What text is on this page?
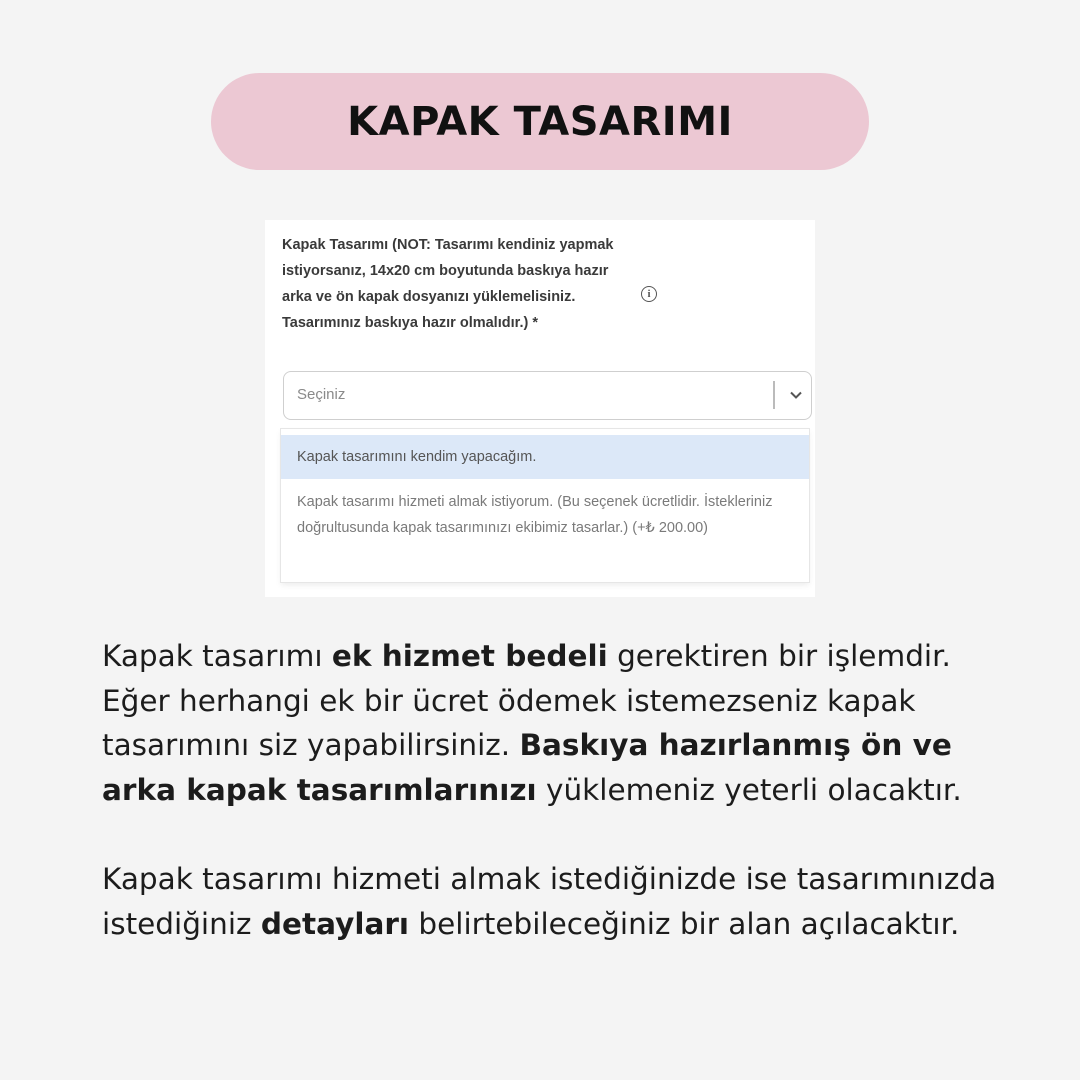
KAPAK TASARIMI
Kapak Tasarımı (NOT: Tasarımı kendiniz yapmak istiyorsanız, 14x20 cm boyutunda baskıya hazır arka ve ön kapak dosyanızı yüklemelisiniz. Tasarımınız baskıya hazır olmalıdır.) *
i
Seçiniz
Kapak tasarımını kendim yapacağım.
Kapak tasarımı hizmeti almak istiyorum. (Bu seçenek ücretlidir. İstekleriniz doğrultusunda kapak tasarımınızı ekibimiz tasarlar.) (+₺ 200.00)

Kapak tasarımı ek hizmet bedeli gerektiren bir işlemdir. Eğer herhangi ek bir ücret ödemek istemezseniz kapak tasarımını siz yapabilirsiniz. Baskıya hazırlanmış ön ve arka kapak tasarımlarınızı yüklemeniz yeterli olacaktır.

Kapak tasarımı hizmeti almak istediğinizde ise tasarımınızda istediğiniz detayları belirtebileceğiniz bir alan açılacaktır.
